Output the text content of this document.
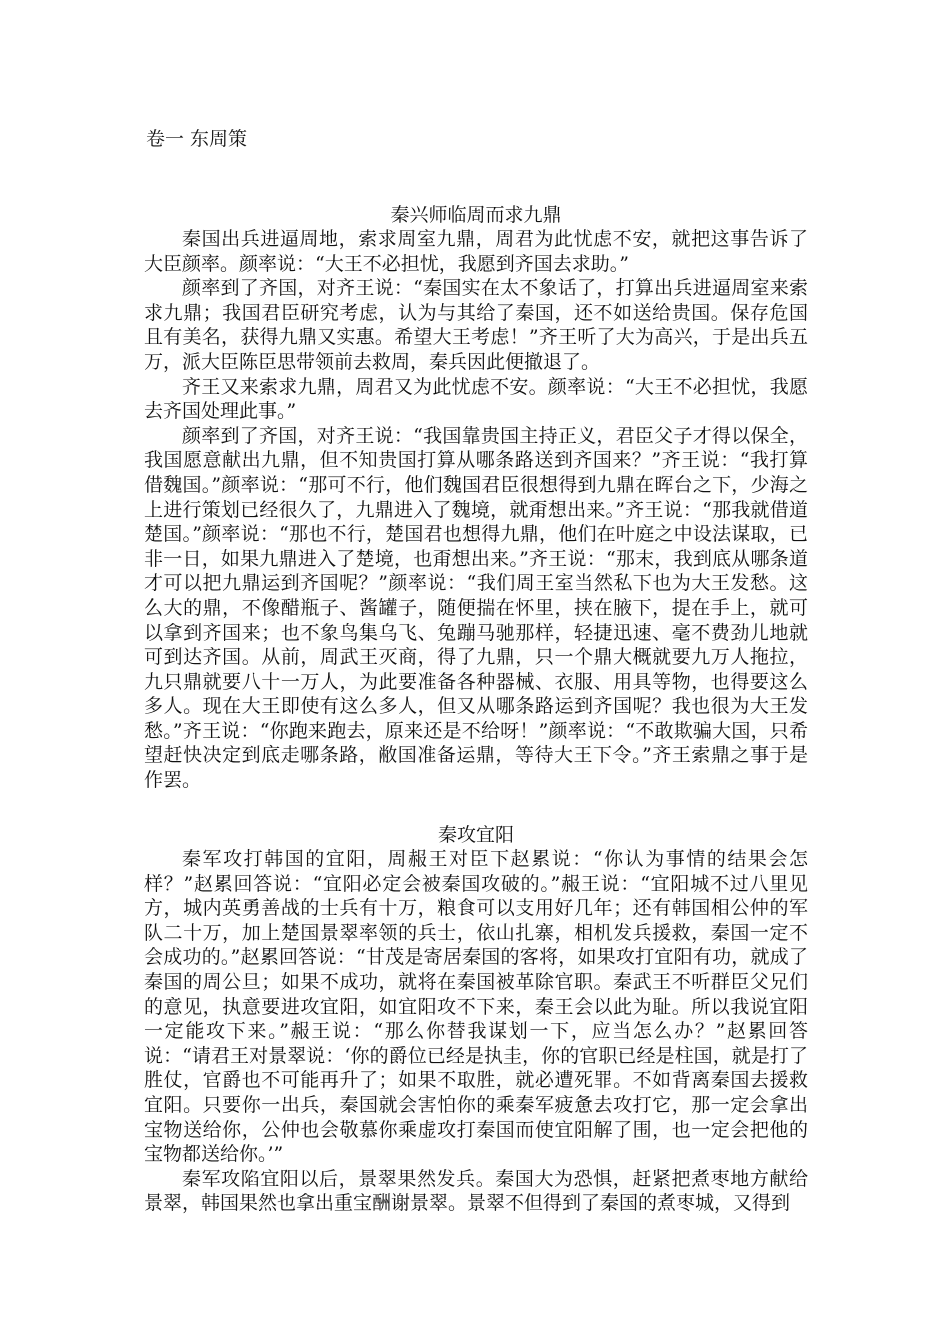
卷一 东周策
秦兴师临周而求九鼎

秦国出兵进逼周地，索求周室九鼎，周君为此忧虑不安，就把这事告诉了大臣颜率。颜率说：“大王不必担忧，我愿到齐国去求助。”

颜率到了齐国，对齐王说：“秦国实在太不象话了，打算出兵进逼周室来索求九鼎；我国君臣研究考虑，认为与其给了秦国，还不如送给贵国。保存危国且有美名，获得九鼎又实惠。希望大王考虑！”齐王听了大为高兴，于是出兵五万，派大臣陈臣思带领前去救周，秦兵因此便撤退了。

齐王又来索求九鼎，周君又为此忧虑不安。颜率说：“大王不必担忧，我愿去齐国处理此事。”

颜率到了齐国，对齐王说：“我国靠贵国主持正义，君臣父子才得以保全，我国愿意献出九鼎，但不知贵国打算从哪条路送到齐国来？”齐王说：“我打算借魏国。”颜率说：“那可不行，他们魏国君臣很想得到九鼎在晖台之下，少海之上进行策划已经很久了，九鼎进入了魏境，就甭想出来。”齐王说：“那我就借道楚国。”颜率说：“那也不行，楚国君也想得九鼎，他们在叶庭之中设法谋取，已非一日，如果九鼎进入了楚境，也甭想出来。”齐王说：“那末，我到底从哪条道才可以把九鼎运到齐国呢？”颜率说：“我们周王室当然私下也为大王发愁。这么大的鼎，不像醋瓶子、酱罐子，随便揣在怀里，挟在腋下，提在手上，就可以拿到齐国来；也不象鸟集乌飞、兔蹦马驰那样，轻捷迅速、毫不费劲儿地就可到达齐国。从前，周武王灭商，得了九鼎，只一个鼎大概就要九万人拖拉，九只鼎就要八十一万人，为此要准备各种器械、衣服、用具等物，也得要这么多人。现在大王即使有这么多人，但又从哪条路运到齐国呢？我也很为大王发愁。”齐王说：“你跑来跑去，原来还是不给呀！”颜率说：“不敢欺骗大国，只希望赶快决定到底走哪条路，敝国准备运鼎，等待大王下令。”齐王索鼎之事于是作罢。

秦攻宜阳

秦军攻打韩国的宜阳，周赧王对臣下赵累说：“你认为事情的结果会怎样？”赵累回答说：“宜阳必定会被秦国攻破的。”赧王说：“宜阳城不过八里见方，城内英勇善战的士兵有十万，粮食可以支用好几年；还有韩国相公仲的军队二十万，加上楚国景翠率领的兵士，依山扎寨，相机发兵援救，秦国一定不会成功的。”赵累回答说：“甘茂是寄居秦国的客将，如果攻打宜阳有功，就成了秦国的周公旦；如果不成功，就将在秦国被革除官职。秦武王不听群臣父兄们的意见，执意要进攻宜阳，如宜阳攻不下来，秦王会以此为耻。所以我说宜阳一定能攻下来。”赧王说：“那么你替我谋划一下，应当怎么办？”赵累回答说：“请君王对景翠说：‘你的爵位已经是执圭，你的官职已经是柱国，就是打了胜仗，官爵也不可能再升了；如果不取胜，就必遭死罪。不如背离秦国去援救宜阳。只要你一出兵，秦国就会害怕你的乘秦军疲惫去攻打它，那一定会拿出宝物送给你，公仲也会敬慕你乘虚攻打秦国而使宜阳解了围，也一定会把他的宝物都送给你。’”

秦军攻陷宜阳以后，景翠果然发兵。秦国大为恐惧，赶紧把煮枣地方献给景翠，韩国果然也拿出重宝酬谢景翠。景翠不但得到了秦国的煮枣城，又得到
